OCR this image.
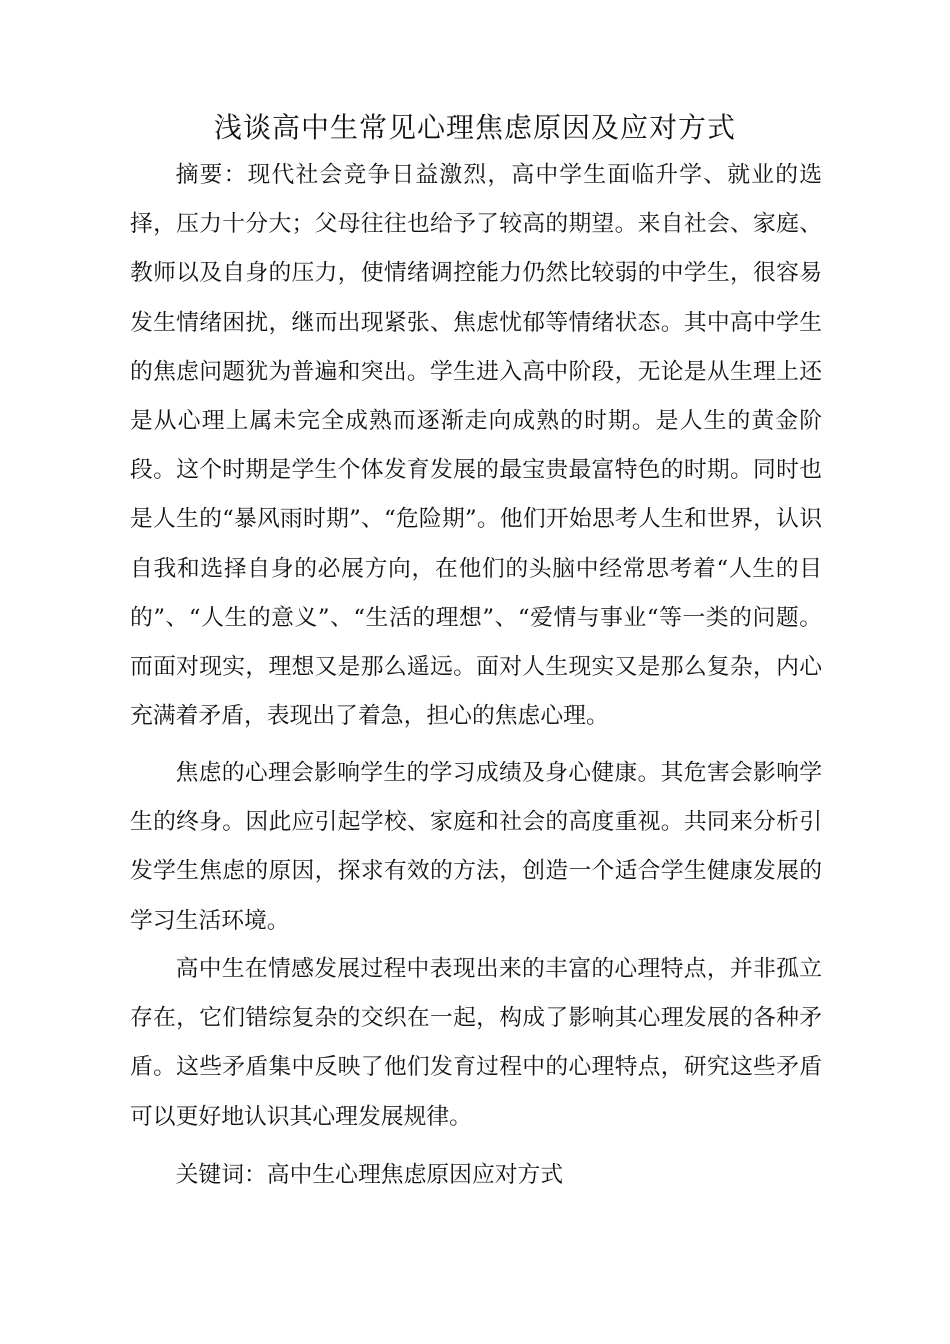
浅谈高中生常见心理焦虑原因及应对方式

摘要：现代社会竞争日益激烈，高中学生面临升学、就业的选择，压力十分大；父母往往也给予了较高的期望。来自社会、家庭、教师以及自身的压力，使情绪调控能力仍然比较弱的中学生，很容易发生情绪困扰，继而出现紧张、焦虑忧郁等情绪状态。其中高中学生的焦虑问题犹为普遍和突出。学生进入高中阶段，无论是从生理上还是从心理上属未完全成熟而逐渐走向成熟的时期。是人生的黄金阶段。这个时期是学生个体发育发展的最宝贵最富特色的时期。同时也是人生的“暴风雨时期”、“危险期”。他们开始思考人生和世界，认识自我和选择自身的必展方向，在他们的头脑中经常思考着“人生的目的”、“人生的意义”、“生活的理想”、“爱情与事业“等一类的问题。而面对现实，理想又是那么遥远。面对人生现实又是那么复杂，内心充满着矛盾，表现出了着急，担心的焦虑心理。

焦虑的心理会影响学生的学习成绩及身心健康。其危害会影响学生的终身。因此应引起学校、家庭和社会的高度重视。共同来分析引发学生焦虑的原因，探求有效的方法，创造一个适合学生健康发展的学习生活环境。

高中生在情感发展过程中表现出来的丰富的心理特点，并非孤立存在，它们错综复杂的交织在一起，构成了影响其心理发展的各种矛盾。这些矛盾集中反映了他们发育过程中的心理特点，研究这些矛盾可以更好地认识其心理发展规律。

关键词：高中生心理焦虑原因应对方式
